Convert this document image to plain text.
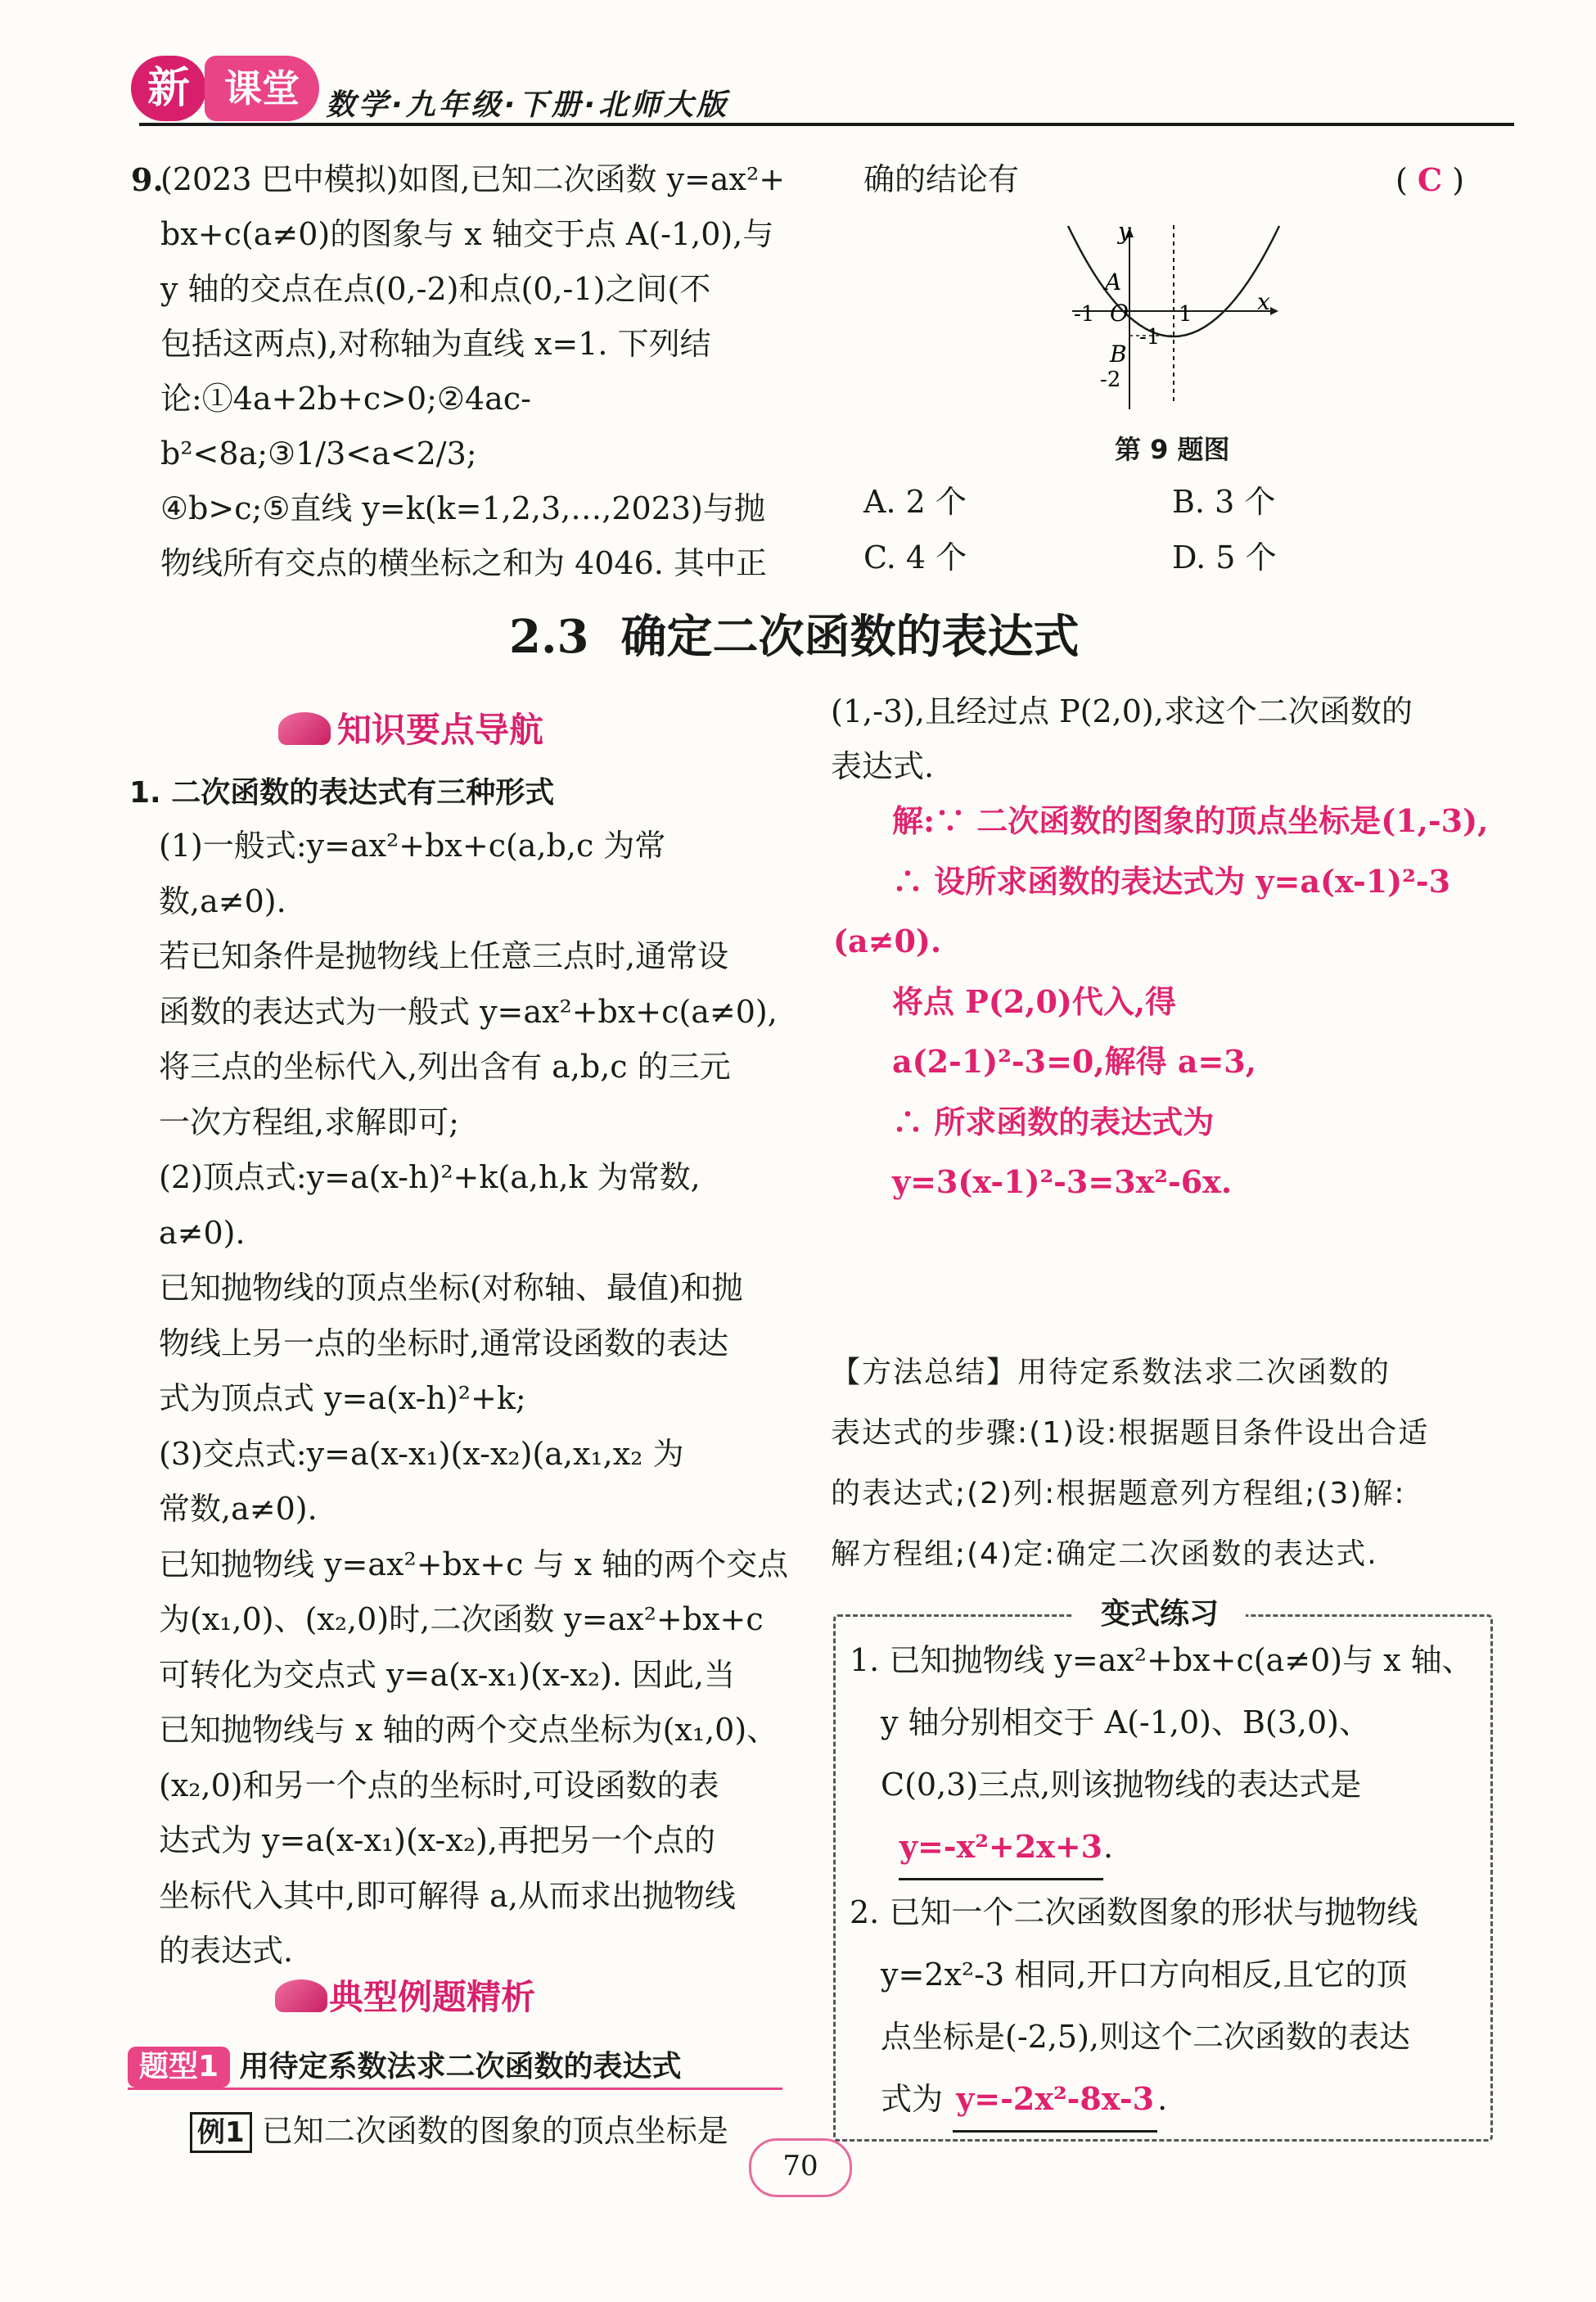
新 课堂 数学·九年级·下册·北师大版
9.

(2023 巴中模拟)如图,已知二次函数 y=ax²+

bx+c(a≠0)的图象与 x 轴交于点 A(-1,0),与

y 轴的交点在点(0,-2)和点(0,-1)之间(不

包括这两点),对称轴为直线 x=1. 下列结

论:①4a+2b+c>0;②4ac-b²<8a;③1/3<a<2/3;

④b>c;⑤直线 y=k(k=1,2,3,…,2023)与抛

物线所有交点的横坐标之和为 4046. 其中正

确的结论有	( C )
y
x
A
O
B
-1	1
-1
-2
第 9 题图
A. 2 个	B. 3 个
C. 4 个	D. 5 个
2.3 确定二次函数的表达式
知识要点导航
1. 二次函数的表达式有三种形式

(1)一般式:y=ax²+bx+c(a,b,c 为常数,a≠0).

若已知条件是抛物线上任意三点时,通常设

函数的表达式为一般式 y=ax²+bx+c(a≠0),

将三点的坐标代入,列出含有 a,b,c 的三元

一次方程组,求解即可;

(2)顶点式:y=a(x-h)²+k(a,h,k 为常数,

a≠0).

已知抛物线的顶点坐标(对称轴、最值)和抛

物线上另一点的坐标时,通常设函数的表达

式为顶点式 y=a(x-h)²+k;

(3)交点式:y=a(x-x₁)(x-x₂)(a,x₁,x₂ 为

常数,a≠0).

已知抛物线 y=ax²+bx+c 与 x 轴的两个交点

为(x₁,0)、(x₂,0)时,二次函数 y=ax²+bx+c

可转化为交点式 y=a(x-x₁)(x-x₂). 因此,当

已知抛物线与 x 轴的两个交点坐标为(x₁,0)、

(x₂,0)和另一个点的坐标时,可设函数的表

达式为 y=a(x-x₁)(x-x₂),再把另一个点的

坐标代入其中,即可解得 a,从而求出抛物线

的表达式.

典型例题精析
题型1 用待定系数法求二次函数的表达式
例1 已知二次函数的图象的顶点坐标是

(1,-3),且经过点 P(2,0),求这个二次函数的

表达式.

解:∵ 二次函数的图象的顶点坐标是(1,-3),

∴ 设所求函数的表达式为 y=a(x-1)²-3

(a≠0).

将点 P(2,0)代入,得

a(2-1)²-3=0,解得 a=3,

∴ 所求函数的表达式为

y=3(x-1)²-3=3x²-6x.

【方法总结】用待定系数法求二次函数的

表达式的步骤:(1)设:根据题目条件设出合适

的表达式;(2)列:根据题意列方程组;(3)解:

解方程组;(4)定:确定二次函数的表达式.

变式练习

1. 已知抛物线 y=ax²+bx+c(a≠0)与 x 轴、

y 轴分别相交于 A(-1,0)、B(3,0)、

C(0,3)三点,则该抛物线的表达式是

y=-x²+2x+3.

2. 已知一个二次函数图象的形状与抛物线

y=2x²-3 相同,开口方向相反,且它的顶

点坐标是(-2,5),则这个二次函数的表达

式为 y=-2x²-8x-3 .

70
